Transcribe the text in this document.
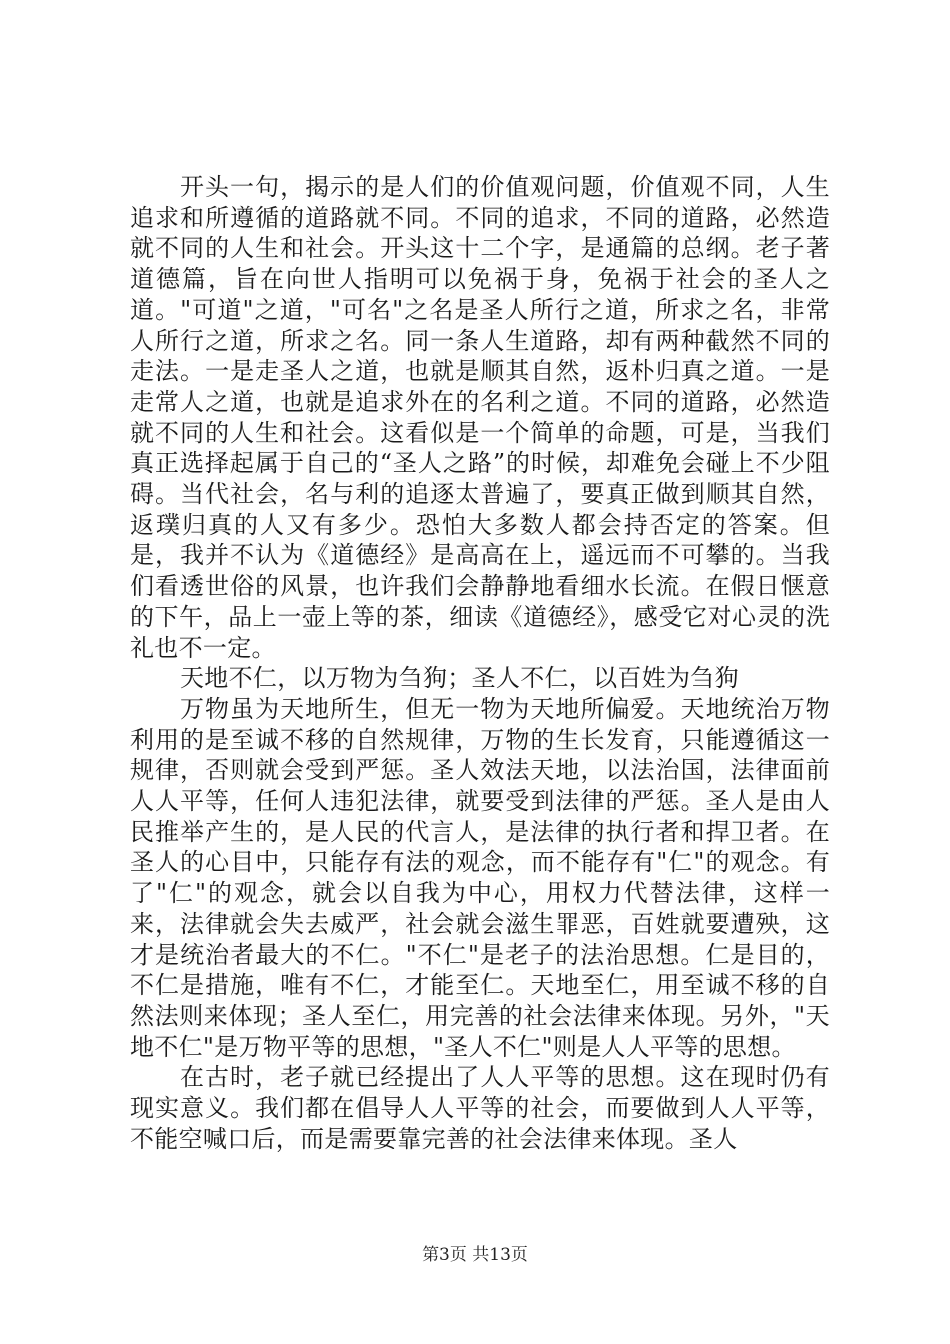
开头一句，揭示的是人们的价值观问题，价值观不同，人生追求和所遵循的道路就不同。不同的追求，不同的道路，必然造就不同的人生和社会。开头这十二个字，是通篇的总纲。老子著道德篇，旨在向世人指明可以免祸于身，免祸于社会的圣人之道。"可道"之道，"可名"之名是圣人所行之道，所求之名，非常人所行之道，所求之名。同一条人生道路，却有两种截然不同的走法。一是走圣人之道，也就是顺其自然，返朴归真之道。一是走常人之道，也就是追求外在的名利之道。不同的道路，必然造就不同的人生和社会。这看似是一个简单的命题，可是，当我们真正选择起属于自己的“圣人之路”的时候，却难免会碰上不少阻碍。当代社会，名与利的追逐太普遍了，要真正做到顺其自然，返璞归真的人又有多少。恐怕大多数人都会持否定的答案。但是，我并不认为《道德经》是高高在上，遥远而不可攀的。当我们看透世俗的风景，也许我们会静静地看细水长流。在假日惬意的下午，品上一壶上等的茶，细读《道德经》，感受它对心灵的洗礼也不一定。

天地不仁，以万物为刍狗；圣人不仁，以百姓为刍狗

万物虽为天地所生，但无一物为天地所偏爱。天地统治万物利用的是至诚不移的自然规律，万物的生长发育，只能遵循这一规律，否则就会受到严惩。圣人效法天地，以法治国，法律面前人人平等，任何人违犯法律，就要受到法律的严惩。圣人是由人民推举产生的，是人民的代言人，是法律的执行者和捍卫者。在圣人的心目中，只能存有法的观念，而不能存有"仁"的观念。有了"仁"的观念，就会以自我为中心，用权力代替法律，这样一来，法律就会失去威严，社会就会滋生罪恶，百姓就要遭殃，这才是统治者最大的不仁。"不仁"是老子的法治思想。仁是目的，不仁是措施，唯有不仁，才能至仁。天地至仁，用至诚不移的自然法则来体现；圣人至仁，用完善的社会法律来体现。另外，"天地不仁"是万物平等的思想，"圣人不仁"则是人人平等的思想。

在古时，老子就已经提出了人人平等的思想。这在现时仍有现实意义。我们都在倡导人人平等的社会，而要做到人人平等，不能空喊口后，而是需要靠完善的社会法律来体现。圣人

第3页 共13页
